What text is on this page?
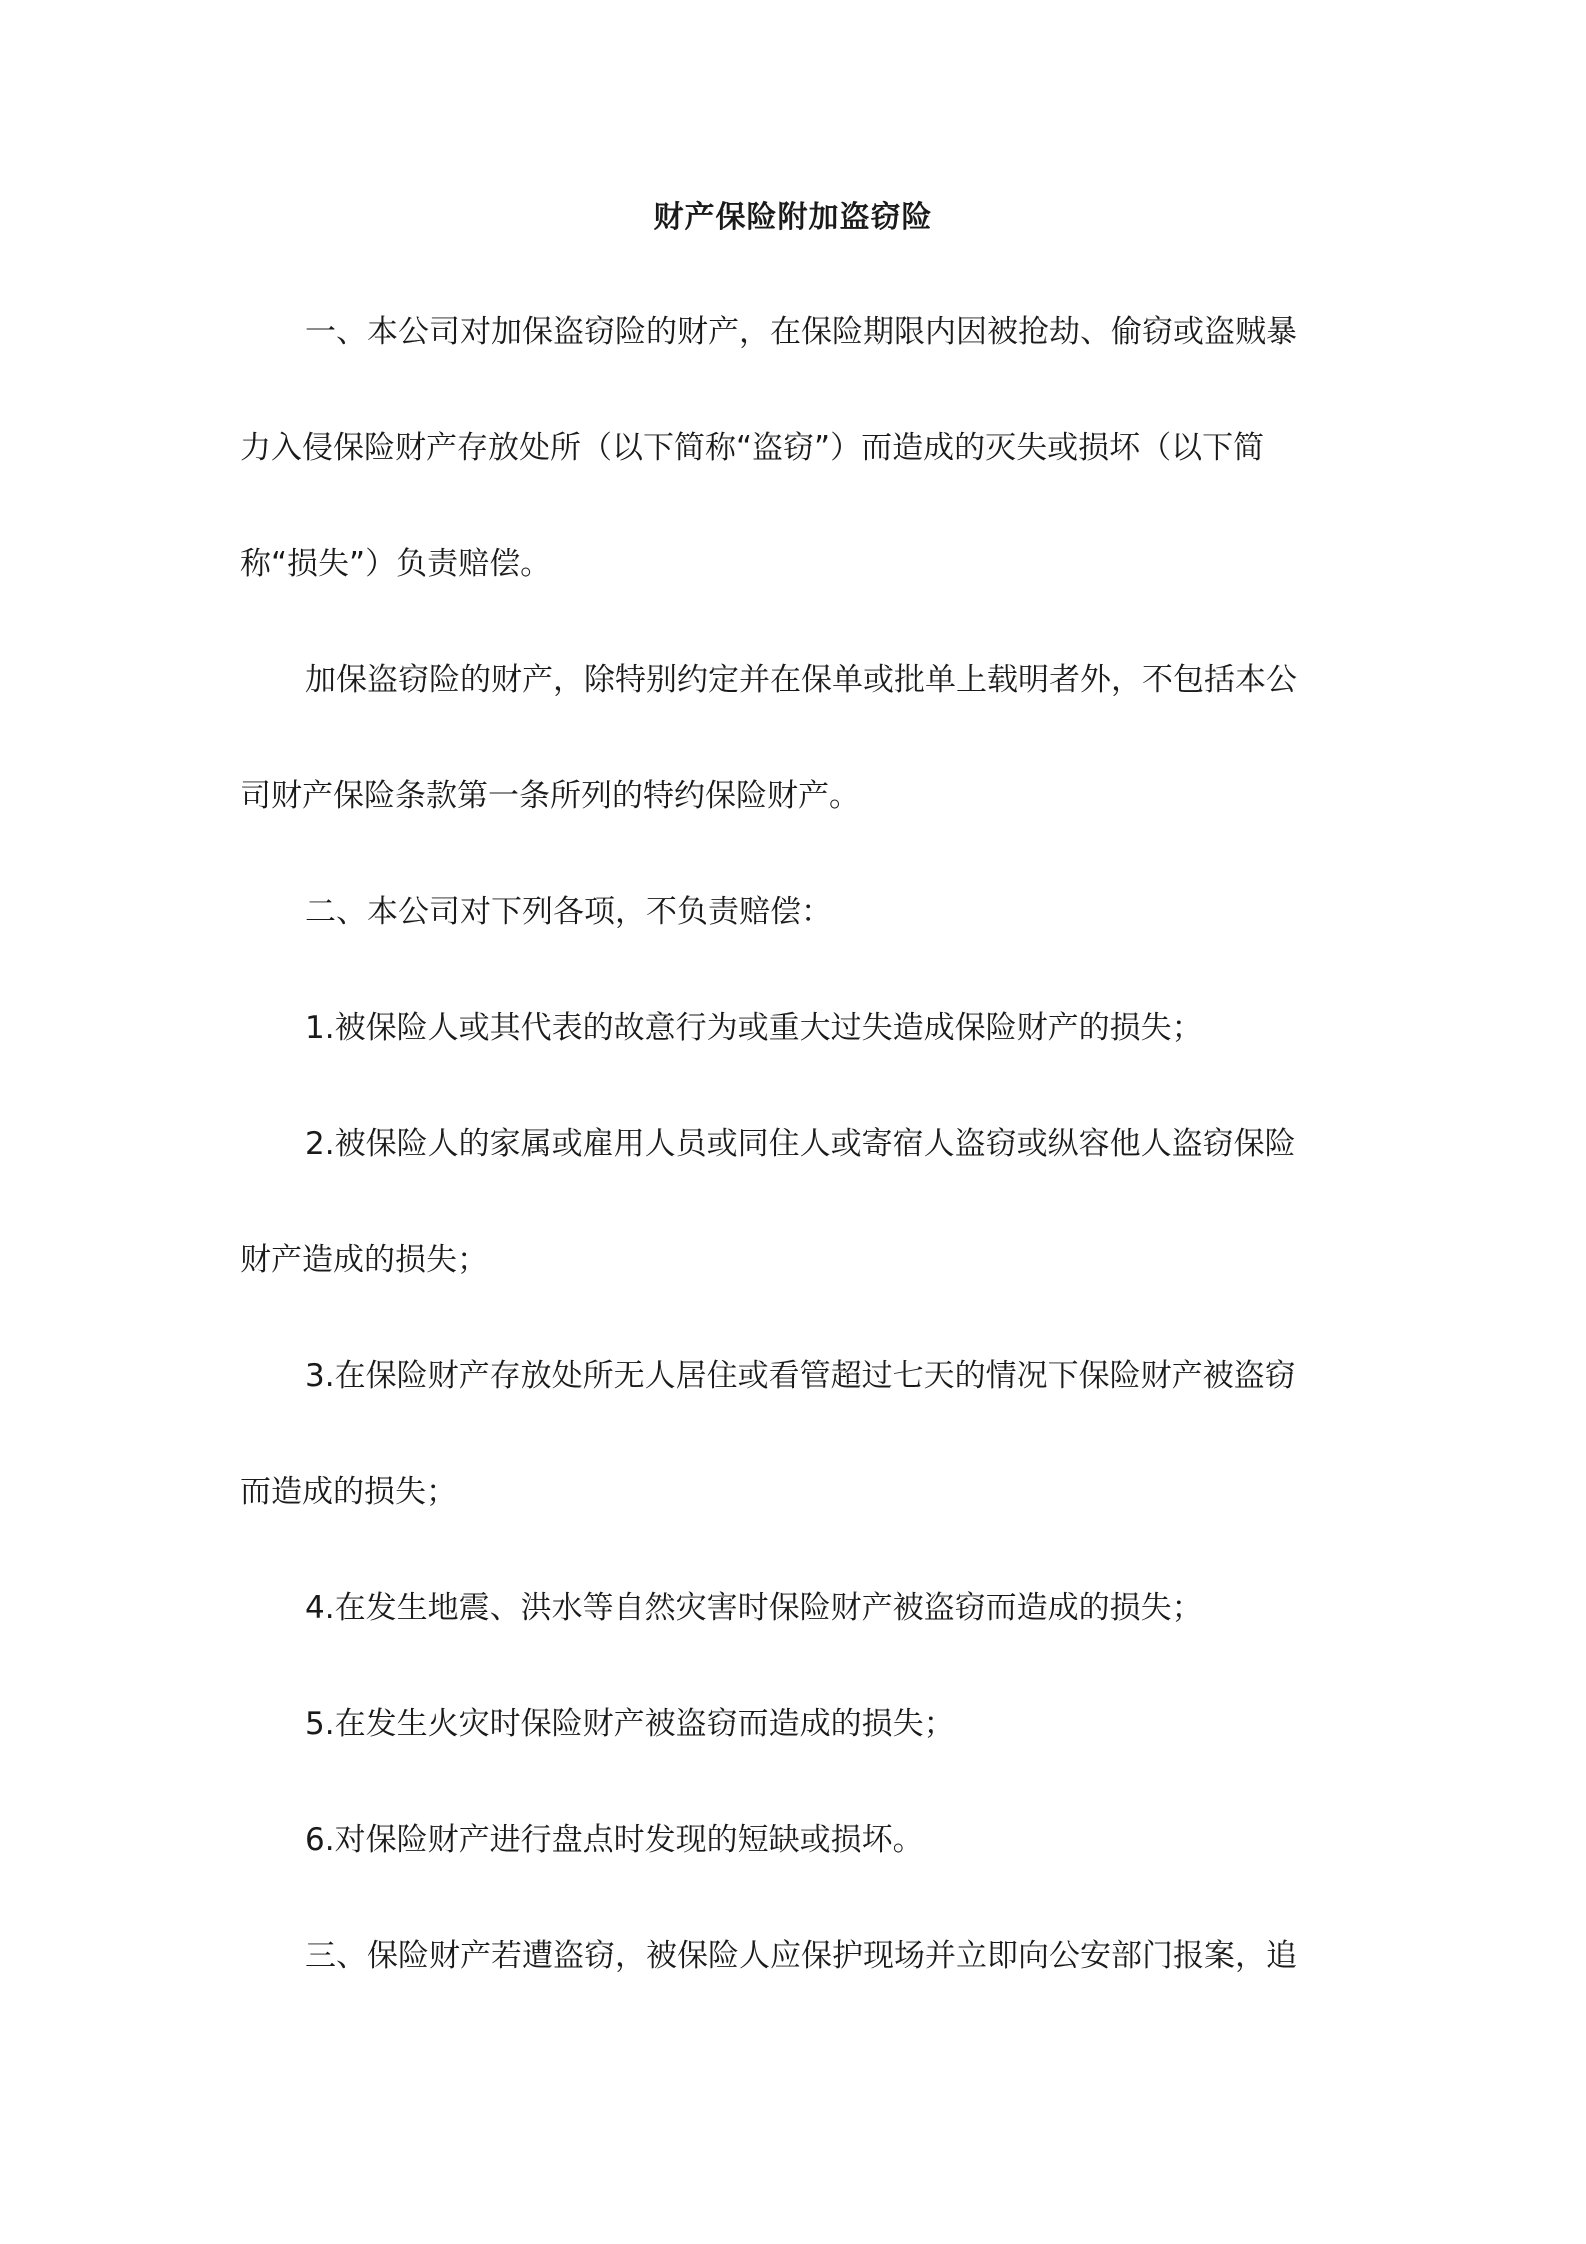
财产保险附加盗窃险
一、本公司对加保盗窃险的财产，在保险期限内因被抢劫、偷窃或盗贼暴
力入侵保险财产存放处所（以下简称“盗窃”）而造成的灭失或损坏（以下简
称“损失”）负责赔偿。
加保盗窃险的财产，除特别约定并在保单或批单上载明者外，不包括本公
司财产保险条款第一条所列的特约保险财产。
二、本公司对下列各项，不负责赔偿：
1.被保险人或其代表的故意行为或重大过失造成保险财产的损失；
2.被保险人的家属或雇用人员或同住人或寄宿人盗窃或纵容他人盗窃保险
财产造成的损失；
3.在保险财产存放处所无人居住或看管超过七天的情况下保险财产被盗窃
而造成的损失；
4.在发生地震、洪水等自然灾害时保险财产被盗窃而造成的损失；
5.在发生火灾时保险财产被盗窃而造成的损失；
6.对保险财产进行盘点时发现的短缺或损坏。
三、保险财产若遭盗窃，被保险人应保护现场并立即向公安部门报案，追
